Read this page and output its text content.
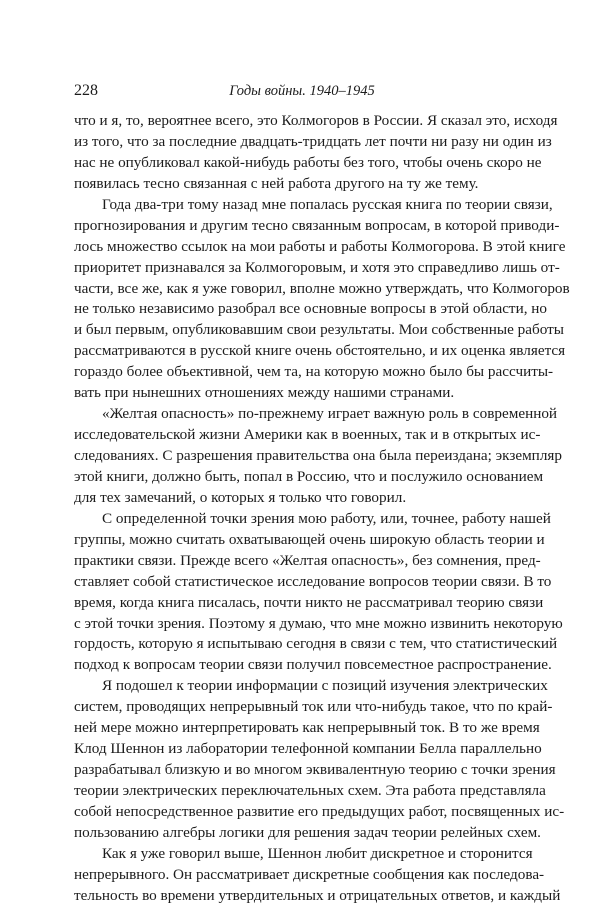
228	Годы войны. 1940–1945
что и я, то, вероятнее всего, это Колмогоров в России. Я сказал это, исходя
из того, что за последние двадцать-тридцать лет почти ни разу ни один из
нас не опубликовал какой-нибудь работы без того, чтобы очень скоро не
появилась тесно связанная с ней работа другого на ту же тему.
Года два-три тому назад мне попалась русская книга по теории связи,
прогнозирования и другим тесно связанным вопросам, в которой приводи-
лось множество ссылок на мои работы и работы Колмогорова. В этой книге
приоритет признавался за Колмогоровым, и хотя это справедливо лишь от-
части, все же, как я уже говорил, вполне можно утверждать, что Колмогоров
не только независимо разобрал все основные вопросы в этой области, но
и был первым, опубликовавшим свои результаты. Мои собственные работы
рассматриваются в русской книге очень обстоятельно, и их оценка является
гораздо более объективной, чем та, на которую можно было бы рассчиты-
вать при нынешних отношениях между нашими странами.
«Желтая опасность» по-прежнему играет важную роль в современной
исследовательской жизни Америки как в военных, так и в открытых ис-
следованиях. С разрешения правительства она была переиздана; экземпляр
этой книги, должно быть, попал в Россию, что и послужило основанием
для тех замечаний, о которых я только что говорил.
С определенной точки зрения мою работу, или, точнее, работу нашей
группы, можно считать охватывающей очень широкую область теории и
практики связи. Прежде всего «Желтая опасность», без сомнения, пред-
ставляет собой статистическое исследование вопросов теории связи. В то
время, когда книга писалась, почти никто не рассматривал теорию связи
с этой точки зрения. Поэтому я думаю, что мне можно извинить некоторую
гордость, которую я испытываю сегодня в связи с тем, что статистический
подход к вопросам теории связи получил повсеместное распространение.
Я подошел к теории информации с позиций изучения электрических
систем, проводящих непрерывный ток или что-нибудь такое, что по край-
ней мере можно интерпретировать как непрерывный ток. В то же время
Клод Шеннон из лаборатории телефонной компании Белла параллельно
разрабатывал близкую и во многом эквивалентную теорию с точки зрения
теории электрических переключательных схем. Эта работа представляла
собой непосредственное развитие его предыдущих работ, посвященных ис-
пользованию алгебры логики для решения задач теории релейных схем.
Как я уже говорил выше, Шеннон любит дискретное и сторонится
непрерывного. Он рассматривает дискретные сообщения как последова-
тельность во времени утвердительных и отрицательных ответов, и каждый
